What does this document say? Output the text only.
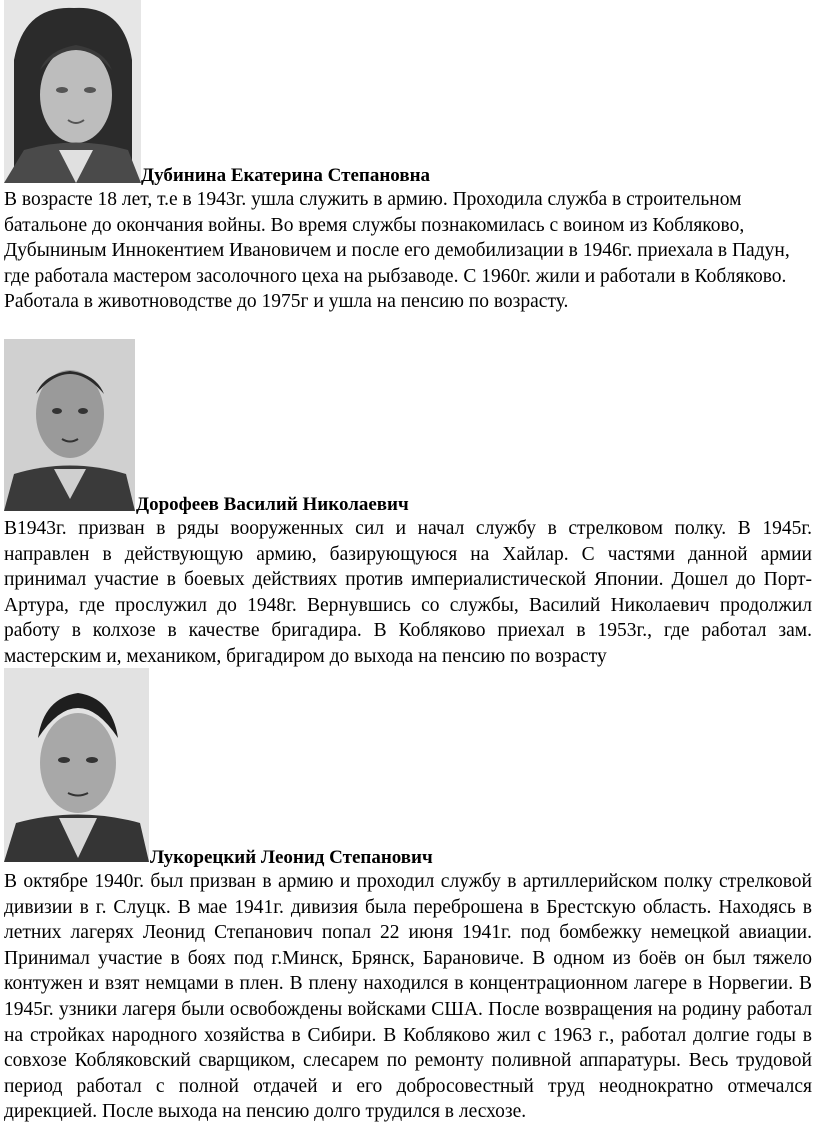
Дубинина Екатерина Степановна

В возрасте 18 лет, т.е в 1943г. ушла служить в армию. Проходила служба в строительном батальоне до окончания войны. Во время службы познакомилась с воином из Кобляково, Дубыниным Иннокентием Ивановичем и после его демобилизации в 1946г. приехала в Падун, где работала мастером засолочного цеха на рыбзаводе. С 1960г. жили и работали в Кобляково. Работала в животноводстве до 1975г и ушла на пенсию по возрасту.

Дорофеев Василий Николаевич

В1943г. призван в ряды вооруженных сил и начал службу в стрелковом полку. В 1945г. направлен в действующую армию, базирующуюся на Хайлар. С частями данной армии принимал участие в боевых действиях против империалистической Японии. Дошел до Порт-Артура, где прослужил до 1948г. Вернувшись со службы, Василий Николаевич продолжил работу в колхозе в качестве бригадира. В Кобляково приехал в 1953г., где работал зам. мастерским и, механиком, бригадиром до выхода на пенсию по возрасту

Лукорецкий Леонид Степанович

В октябре 1940г. был призван в армию и проходил службу в артиллерийском полку стрелковой дивизии в г. Слуцк. В мае 1941г. дивизия была переброшена в Брестскую область. Находясь в летних лагерях Леонид Степанович попал 22 июня 1941г. под бомбежку немецкой авиации. Принимал участие в боях под г.Минск, Брянск, Барановиче. В одном из боёв он был тяжело контужен и взят немцами в плен. В плену находился в концентрационном лагере в Норвегии. В 1945г. узники лагеря были освобождены войсками США. После возвращения на родину работал на стройках народного хозяйства в Сибири. В Кобляково жил с 1963 г., работал долгие годы в совхозе Кобляковский сварщиком, слесарем по ремонту поливной аппаратуры. Весь трудовой период работал с полной отдачей и его добросовестный труд неоднократно отмечался дирекцией. После выхода на пенсию долго трудился в лесхозе.
